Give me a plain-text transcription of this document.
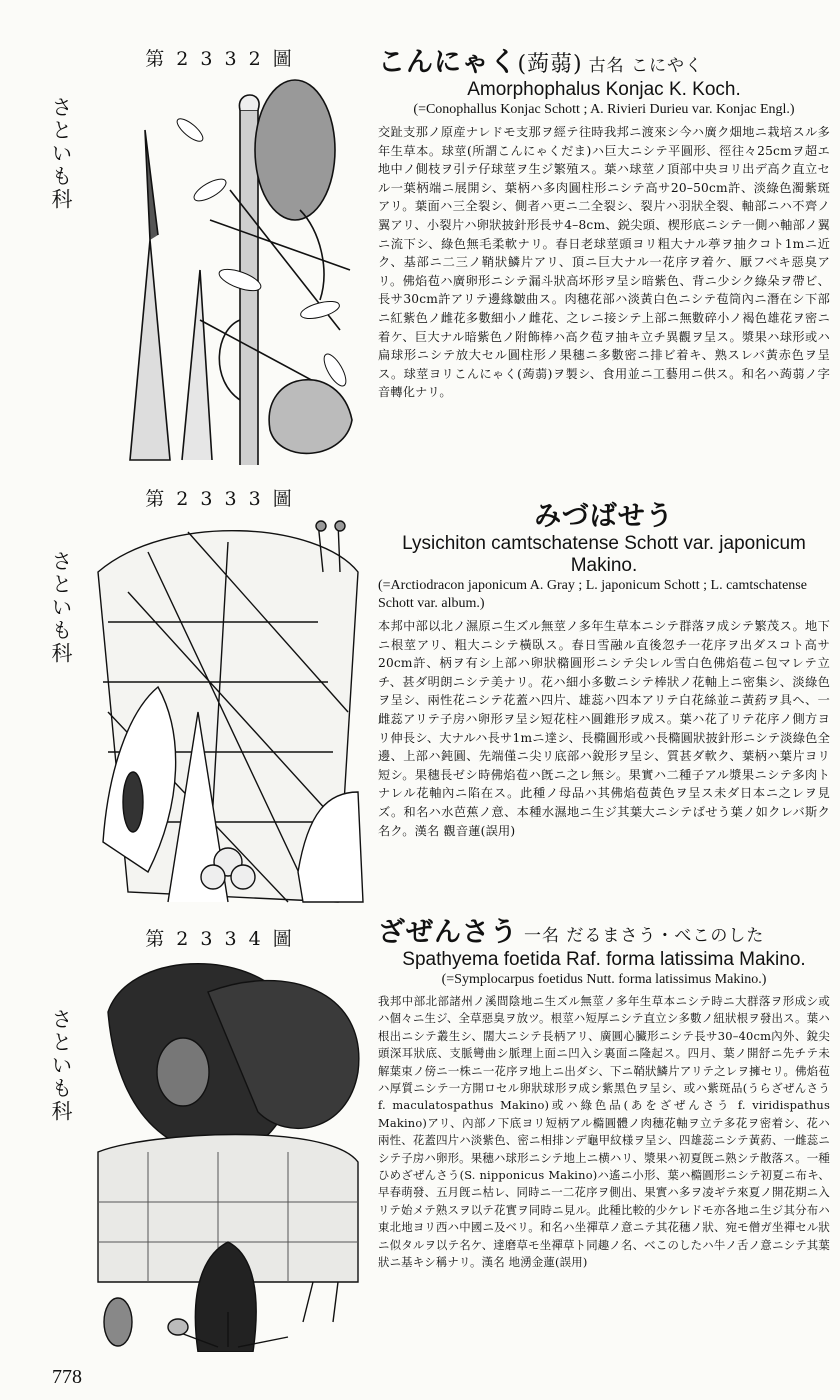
第 2 3 3 2 圖
さといも科
こんにゃく(蒟蒻) 古名 こにやく
Amorphophalus Konjac K. Koch.
(=Conophallus Konjac Schott ; A. Rivieri Durieu var. Konjac Engl.)
交趾支那ノ原産ナレドモ支那ヲ經テ往時我邦ニ渡來シ今ハ廣ク畑地ニ栽培スル多年生草本。球莖(所謂こんにゃくだま)ハ巨大ニシテ平圓形、徑往々25cmヲ超エ地中ノ側枝ヲ引テ仔球莖ヲ生ジ繁殖ス。葉ハ球莖ノ頂部中央ヨリ出デ高ク直立セル一葉柄端ニ展開シ、葉柄ハ多肉圓柱形ニシテ高サ20–50cm許、淡綠色濁紫斑アリ。葉面ハ三全裂シ、側者ハ更ニ二全裂シ、裂片ハ羽狀全裂、軸部ニハ不齊ノ翼アリ、小裂片ハ卵狀披針形長サ4–8cm、鋭尖頭、楔形底ニシテ一側ハ軸部ノ翼ニ流下シ、綠色無毛柔軟ナリ。春日老球莖頭ヨリ粗大ナル葶ヲ抽クコト1mニ近ク、基部ニ二三ノ鞘狀鱗片アリ、頂ニ巨大ナル一花序ヲ着ケ、厭フベキ惡臭アリ。佛焰苞ハ廣卵形ニシテ漏斗狀高坏形ヲ呈シ暗紫色、背ニ少シク綠朵ヲ帶ビ、長サ30cm許アリテ邊緣皺曲ス。肉穗花部ハ淡黃白色ニシテ苞筒內ニ潛在シ下部ニ紅紫色ノ雌花多數細小ノ雌花、之レニ接シテ上部ニ無數碎小ノ褐色雄花ヲ密ニ着ケ、巨大ナル暗紫色ノ附飾棒ハ高ク苞ヲ抽キ立チ異觀ヲ呈ス。漿果ハ球形或ハ扁球形ニシテ放大セル圓柱形ノ果穗ニ多數密ニ排ビ着キ、熟スレバ黃赤色ヲ呈ス。球莖ヨリこんにゃく(蒟蒻)ヲ製シ、食用並ニ工藝用ニ供ス。和名ハ蒟蒻ノ字音轉化ナリ。
第 2 3 3 3 圖
さといも科
みづばせう
Lysichiton camtschatense Schott var. japonicum Makino.
(=Arctiodracon japonicum A. Gray ; L. japonicum Schott ; L. camtschatense Schott var. album.)
本邦中部以北ノ濕原ニ生ズル無莖ノ多年生草本ニシテ群落ヲ成シテ繁茂ス。地下ニ根莖アリ、粗大ニシテ橫臥ス。春日雪融ル直後忽チ一花序ヲ出ダスコト高サ20cm許、柄ヲ有シ上部ハ卵狀橢圓形ニシテ尖レル雪白色佛焰苞ニ包マレテ立チ、甚ダ明朗ニシテ美ナリ。花ハ細小多數ニシテ棒狀ノ花軸上ニ密集シ、淡綠色ヲ呈シ、兩性花ニシテ花蓋ハ四片、雄蕊ハ四本アリテ白花絲並ニ黃葯ヲ具ヘ、一雌蕊アリテ子房ハ卵形ヲ呈シ短花柱ハ圓錐形ヲ成ス。葉ハ花了リテ花序ノ側方ヨリ伸長シ、大ナルハ長サ1mニ達シ、長橢圓形或ハ長橢圓狀披針形ニシテ淡綠色全邊、上部ハ鈍圓、先端僅ニ尖リ底部ハ銳形ヲ呈シ、質甚ダ軟ク、葉柄ハ葉片ヨリ短シ。果穗長ゼシ時佛焰苞ハ旣ニ之レ無シ。果實ハ二種子アル漿果ニシテ多肉トナレル花軸內ニ陷在ス。此種ノ母品ハ其佛焰苞黃色ヲ呈ス未ダ日本ニ之レヲ見ズ。和名ハ水芭蕉ノ意、本種水濕地ニ生ジ其葉大ニシテばせう葉ノ如クレバ斯ク名ク。漢名 觀音蓮(誤用)
第 2 3 3 4 圖
さといも科
ざぜんさう 一名 だるまさう・べこのした
Spathyema foetida Raf. forma latissima Makino.
(=Symplocarpus foetidus Nutt. forma latissimus Makino.)
我邦中部北部諸州ノ溪間陰地ニ生ズル無莖ノ多年生草本ニシテ時ニ大群落ヲ形成シ或ハ個々ニ生ジ、全草惡臭ヲ放ツ。根莖ハ短厚ニシテ直立シ多數ノ紐狀根ヲ發出ス。葉ハ根出ニシテ叢生シ、闊大ニシテ長柄アリ、廣圓心臟形ニシテ長サ30–40cm內外、銳尖頭深耳狀底、支脈彎曲シ脈理上面ニ凹入シ裏面ニ隆起ス。四月、葉ノ開舒ニ先チテ未解葉束ノ傍ニ一株ニ一花序ヲ地上ニ出ダシ、下ニ鞘狀鱗片アリテ之レヲ擁セリ。佛焰苞ハ厚質ニシテ一方開ロセル卵狀球形ヲ成シ紫黑色ヲ呈シ、或ハ紫斑品(うらざぜんさう f. maculatospathus Makino)或ハ綠色品(あをざぜんさう f. viridispathus Makino)アリ、內部ノ下底ヨリ短柄アル橢圓體ノ肉穗花軸ヲ立テ多花ヲ密着シ、花ハ兩性、花蓋四片ハ淡紫色、密ニ相排ンデ龜甲紋様ヲ呈シ、四雄蕊ニシテ黃葯、一雌蕊ニシテ子房ハ卵形。果穗ハ球形ニシテ地上ニ横ハリ、漿果ハ初夏旣ニ熟シテ散落ス。一種ひめざぜんさう(S. nipponicus Makino)ハ遙ニ小形、葉ハ橢圓形ニシテ初夏ニ布キ、早春萌發、五月旣ニ枯レ、同時ニ一二花序ヲ側出、果實ハ多ヲ凌ギテ來夏ノ開花期ニ入リテ始メテ熟スヲ以テ花實ヲ同時ニ見ル。此種比較的少ケレドモ亦各地ニ生ジ其分布ハ東北地ヨリ西ハ中國ニ及ベリ。和名ハ坐禪草ノ意ニテ其花穗ノ狀、宛モ僧ガ坐禪セル狀ニ似タルヲ以テ名ケ、達磨草モ坐禪草ト同趣ノ名、べこのしたハ牛ノ舌ノ意ニシテ其葉狀ニ基キシ稱ナリ。漢名 地湧金蓮(誤用)
778
